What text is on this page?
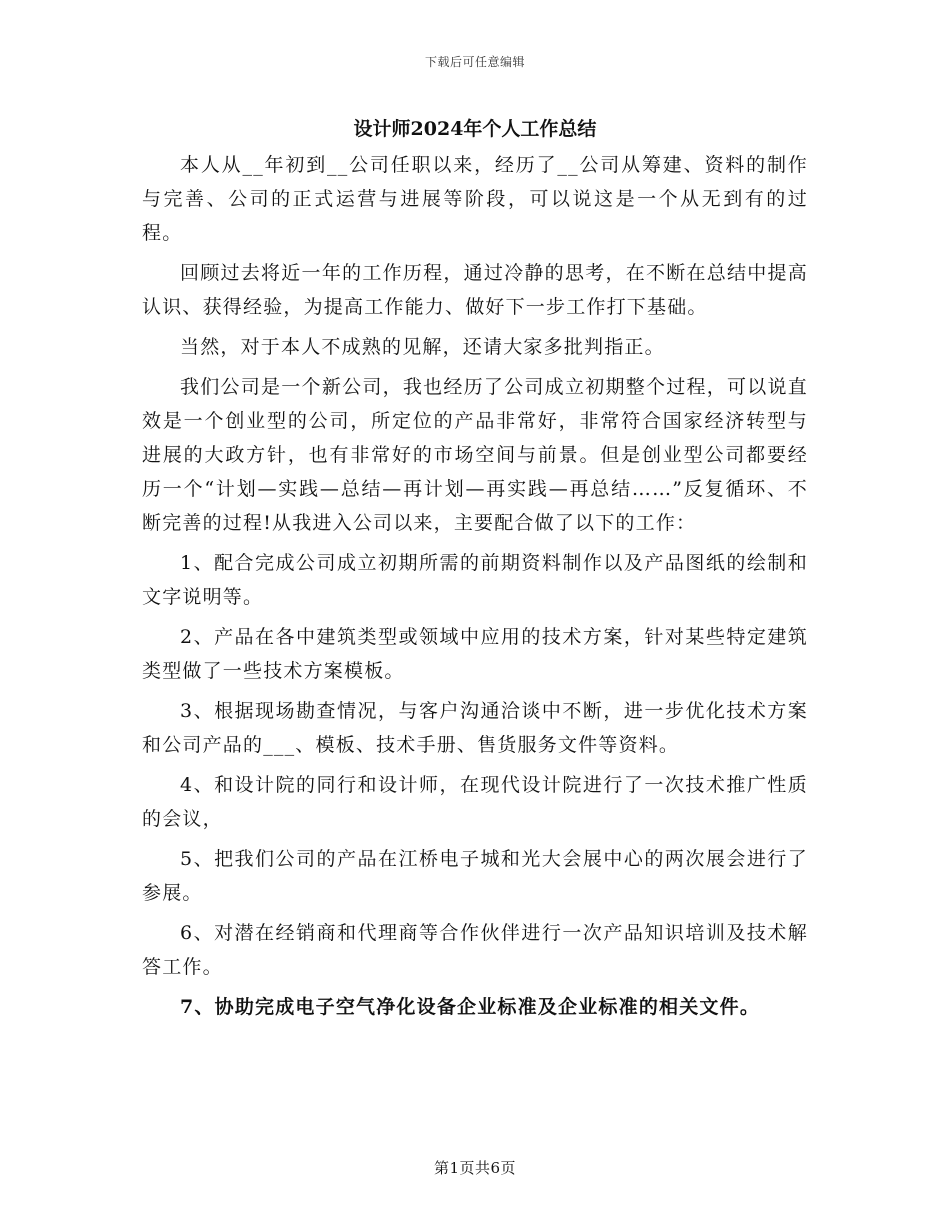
下载后可任意编辑
设计师2024年个人工作总结

本人从__年初到__公司任职以来，经历了__公司从筹建、资料的制作与完善、公司的正式运营与进展等阶段，可以说这是一个从无到有的过程。

回顾过去将近一年的工作历程，通过冷静的思考，在不断在总结中提高认识、获得经验，为提高工作能力、做好下一步工作打下基础。

当然，对于本人不成熟的见解，还请大家多批判指正。

我们公司是一个新公司，我也经历了公司成立初期整个过程，可以说直效是一个创业型的公司，所定位的产品非常好，非常符合国家经济转型与进展的大政方针，也有非常好的市场空间与前景。但是创业型公司都要经历一个“计划—实践—总结—再计划—再实践—再总结……”反复循环、不断完善的过程!从我进入公司以来，主要配合做了以下的工作：

1、配合完成公司成立初期所需的前期资料制作以及产品图纸的绘制和文字说明等。

2、产品在各中建筑类型或领域中应用的技术方案，针对某些特定建筑类型做了一些技术方案模板。

3、根据现场勘查情况，与客户沟通洽谈中不断，进一步优化技术方案和公司产品的___、模板、技术手册、售货服务文件等资料。

4、和设计院的同行和设计师，在现代设计院进行了一次技术推广性质的会议，

5、把我们公司的产品在江桥电子城和光大会展中心的两次展会进行了参展。

6、对潜在经销商和代理商等合作伙伴进行一次产品知识培训及技术解答工作。

7、协助完成电子空气净化设备企业标准及企业标准的相关文件。

第1页共6页
